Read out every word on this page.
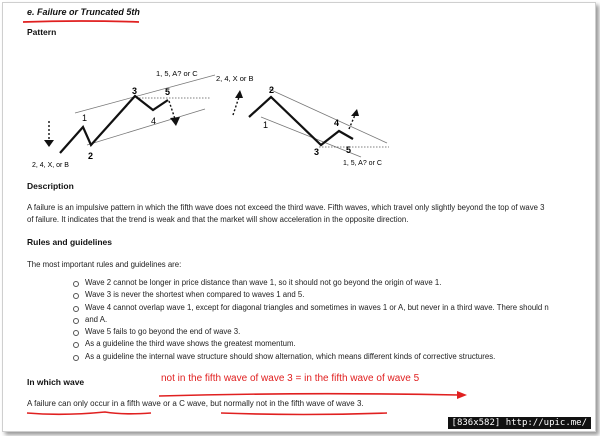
e. Failure or Truncated 5th
Pattern
1, 5, A? or C
2, 4, X, or B
1
2
3
4
5
2, 4, X or B
1, 5, A? or C
1
2
3
4
5
Description
A failure is an impulsive pattern in which the fifth wave does not exceed the third wave. Fifth waves, which travel only slightly beyond the top of wave 3
of failure. It indicates that the trend is weak and that the market will show acceleration in the opposite direction.
Rules and guidelines
The most important rules and guidelines are:
Wave 2 cannot be longer in price distance than wave 1, so it should not go beyond the origin of wave 1.
Wave 3 is never the shortest when compared to waves 1 and 5.
Wave 4 cannot overlap wave 1, except for diagonal triangles and sometimes in waves 1 or A, but never in a third wave. There should n
and A.
Wave 5 fails to go beyond the end of wave 3.
As a guideline the third wave shows the greatest momentum.
As a guideline the internal wave structure should show alternation, which means different kinds of corrective structures.
In which wave	not in the fifth wave of wave 3 = in the fifth wave of wave 5
A failure can only occur in a fifth wave or a C wave, but normally not in the fifth wave of wave 3.
[836x582] http://upic.me/
